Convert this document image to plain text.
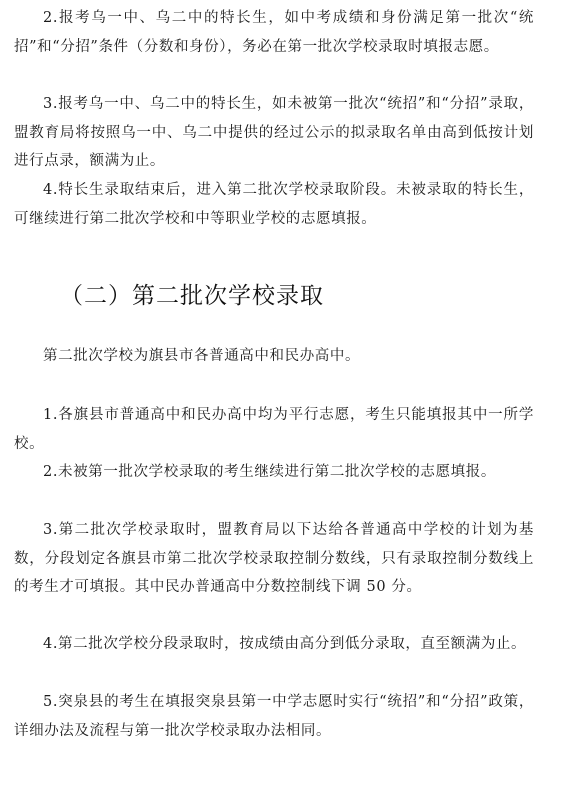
2.报考乌一中、乌二中的特长生，如中考成绩和身份满足第一批次“统招”和“分招”条件（分数和身份），务必在第一批次学校录取时填报志愿。

3.报考乌一中、乌二中的特长生，如未被第一批次“统招”和“分招”录取，盟教育局将按照乌一中、乌二中提供的经过公示的拟录取名单由高到低按计划进行点录，额满为止。

4.特长生录取结束后，进入第二批次学校录取阶段。未被录取的特长生，可继续进行第二批次学校和中等职业学校的志愿填报。

（二）第二批次学校录取

第二批次学校为旗县市各普通高中和民办高中。

1.各旗县市普通高中和民办高中均为平行志愿，考生只能填报其中一所学校。

2.未被第一批次学校录取的考生继续进行第二批次学校的志愿填报。

3.第二批次学校录取时，盟教育局以下达给各普通高中学校的计划为基数，分段划定各旗县市第二批次学校录取控制分数线，只有录取控制分数线上的考生才可填报。其中民办普通高中分数控制线下调 50 分。

4.第二批次学校分段录取时，按成绩由高分到低分录取，直至额满为止。

5.突泉县的考生在填报突泉县第一中学志愿时实行“统招”和“分招”政策，详细办法及流程与第一批次学校录取办法相同。
